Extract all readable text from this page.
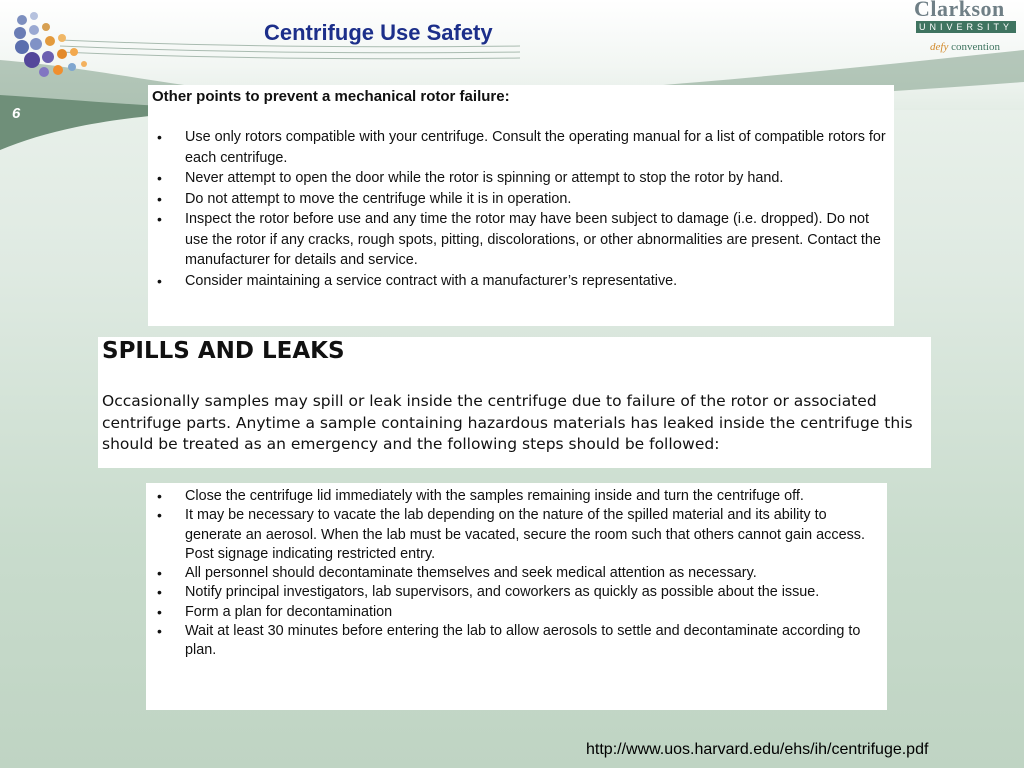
Centrifuge Use Safety
Clarkson
UNIVERSITY
defy convention
6
Other points to prevent a mechanical rotor failure:
• Use only rotors compatible with your centrifuge. Consult the operating manual for a list of compatible rotors for each centrifuge.
• Never attempt to open the door while the rotor is spinning or attempt to stop the rotor by hand.
• Do not attempt to move the centrifuge while it is in operation.
• Inspect the rotor before use and any time the rotor may have been subject to damage (i.e. dropped). Do not use the rotor if any cracks, rough spots, pitting, discolorations, or other abnormalities are present. Contact the manufacturer for details and service.
• Consider maintaining a service contract with a manufacturer’s representative.
SPILLS AND LEAKS
Occasionally samples may spill or leak inside the centrifuge due to failure of the rotor or associated centrifuge parts. Anytime a sample containing hazardous materials has leaked inside the centrifuge this should be treated as an emergency and the following steps should be followed:
• Close the centrifuge lid immediately with the samples remaining inside and turn the centrifuge off.
• It may be necessary to vacate the lab depending on the nature of the spilled material and its ability to generate an aerosol. When the lab must be vacated, secure the room such that others cannot gain access. Post signage indicating restricted entry.
• All personnel should decontaminate themselves and seek medical attention as necessary.
• Notify principal investigators, lab supervisors, and coworkers as quickly as possible about the issue.
• Form a plan for decontamination
• Wait at least 30 minutes before entering the lab to allow aerosols to settle and decontaminate according to plan.
http://www.uos.harvard.edu/ehs/ih/centrifuge.pdf
